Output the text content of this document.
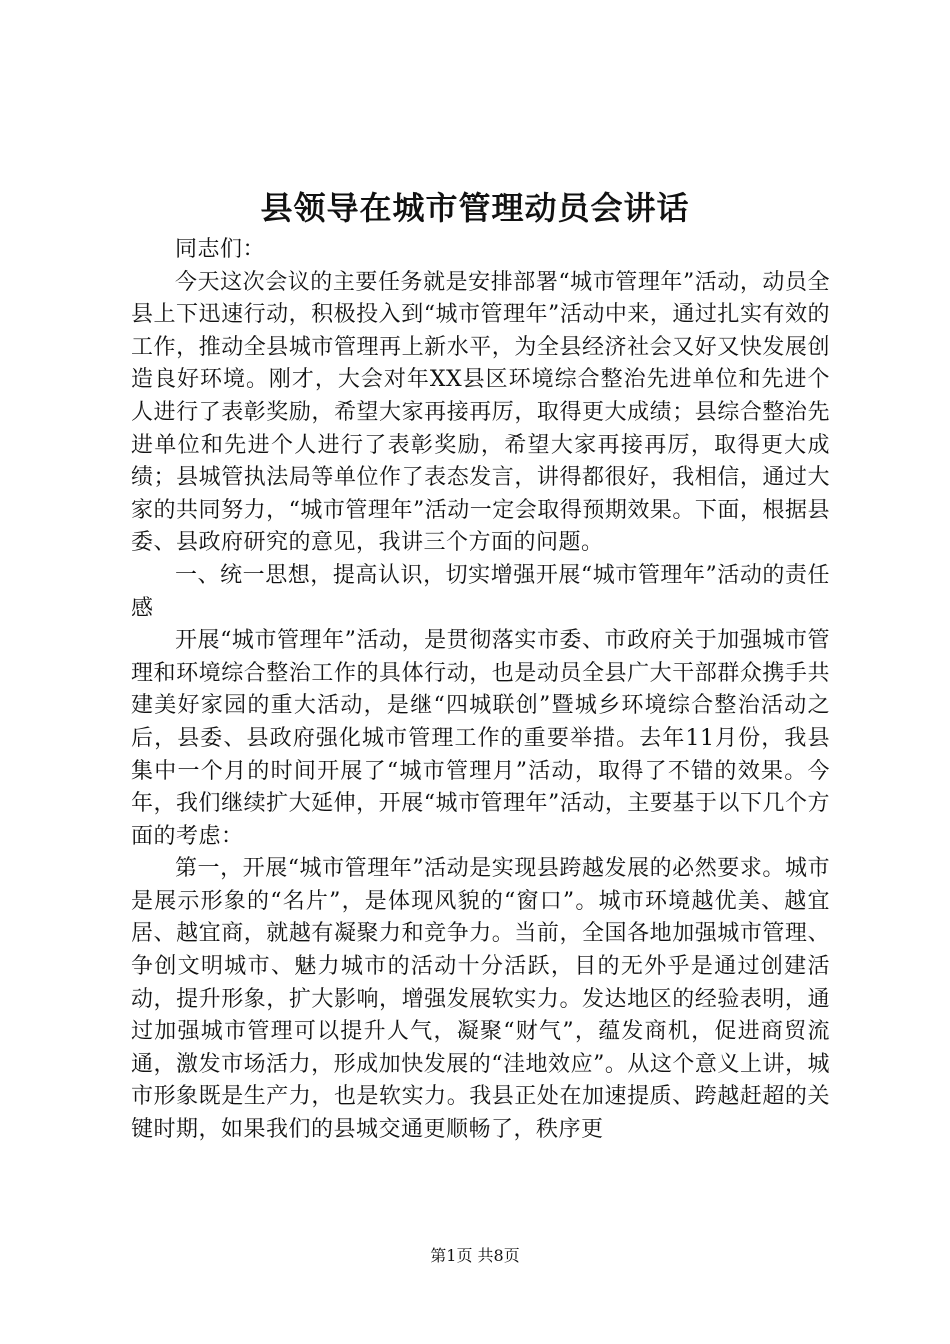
县领导在城市管理动员会讲话

同志们：

今天这次会议的主要任务就是安排部署“城市管理年”活动，动员全县上下迅速行动，积极投入到“城市管理年”活动中来，通过扎实有效的工作，推动全县城市管理再上新水平，为全县经济社会又好又快发展创造良好环境。刚才，大会对年XX县区环境综合整治先进单位和先进个人进行了表彰奖励，希望大家再接再厉，取得更大成绩；县综合整治先进单位和先进个人进行了表彰奖励，希望大家再接再厉，取得更大成绩；县城管执法局等单位作了表态发言，讲得都很好，我相信，通过大家的共同努力，“城市管理年”活动一定会取得预期效果。下面，根据县委、县政府研究的意见，我讲三个方面的问题。

一、统一思想，提高认识，切实增强开展“城市管理年”活动的责任感

开展“城市管理年”活动，是贯彻落实市委、市政府关于加强城市管理和环境综合整治工作的具体行动，也是动员全县广大干部群众携手共建美好家园的重大活动，是继“四城联创”暨城乡环境综合整治活动之后，县委、县政府强化城市管理工作的重要举措。去年11月份，我县集中一个月的时间开展了“城市管理月”活动，取得了不错的效果。今年，我们继续扩大延伸，开展“城市管理年”活动，主要基于以下几个方面的考虑：

第一，开展“城市管理年”活动是实现县跨越发展的必然要求。城市是展示形象的“名片”，是体现风貌的“窗口”。城市环境越优美、越宜居、越宜商，就越有凝聚力和竞争力。当前，全国各地加强城市管理、争创文明城市、魅力城市的活动十分活跃，目的无外乎是通过创建活动，提升形象，扩大影响，增强发展软实力。发达地区的经验表明，通过加强城市管理可以提升人气，凝聚“财气”，蕴发商机，促进商贸流通，激发市场活力，形成加快发展的“洼地效应”。从这个意义上讲，城市形象既是生产力，也是软实力。我县正处在加速提质、跨越赶超的关键时期，如果我们的县城交通更顺畅了，秩序更

第1页 共8页
